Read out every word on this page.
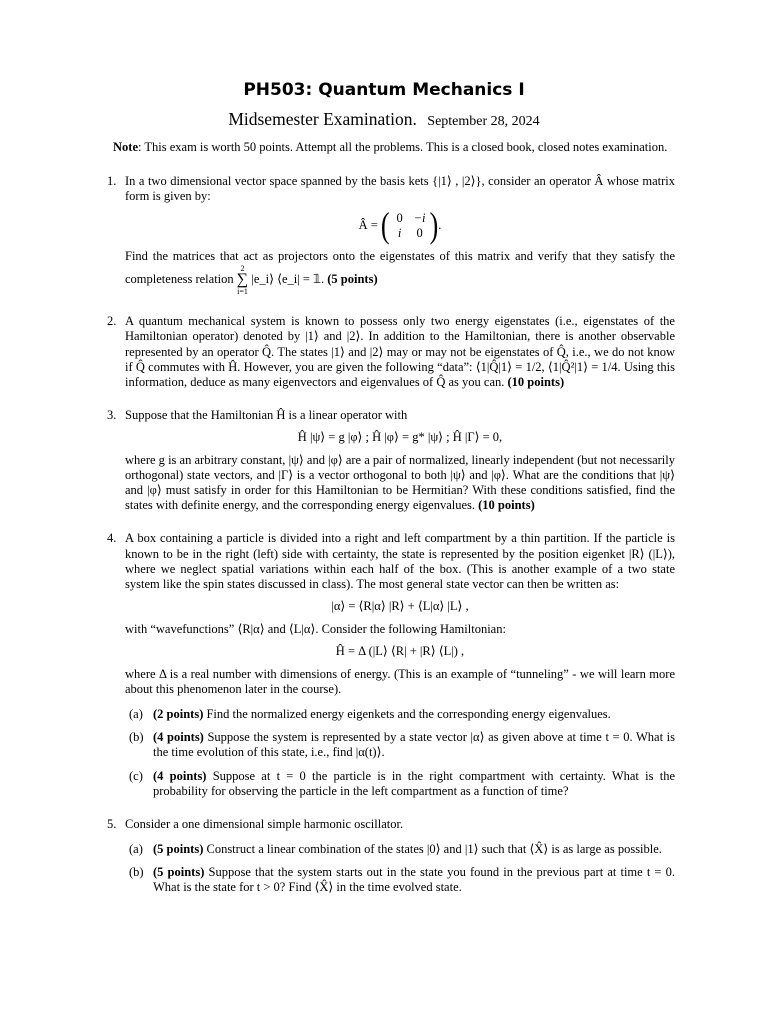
PH503: Quantum Mechanics I
Midsemester Examination. September 28, 2024

Note: This exam is worth 50 points. Attempt all the problems. This is a closed book, closed notes examination.

1. In a two dimensional vector space spanned by the basis kets {|1⟩ , |2⟩}, consider an operator Â whose matrix form is given by:

Â = ( 0 −i
i	0 ).

Find the matrices that act as projectors onto the eigenstates of this matrix and verify that they satisfy the completeness relation
2
∑
i=1
|e_i⟩ ⟨e_i| = 𝟙. (5 points)

2. A quantum mechanical system is known to possess only two energy eigenstates (i.e., eigenstates of the Hamiltonian operator) denoted by |1⟩ and |2⟩. In addition to the Hamiltonian, there is another observable represented by an operator Q̂. The states |1⟩ and |2⟩ may or may not be eigenstates of Q̂, i.e., we do not know if Q̂ commutes with Ĥ. However, you are given the following “data”: ⟨1|Q̂|1⟩ = 1/2, ⟨1|Q̂²|1⟩ = 1/4. Using this information, deduce as many eigenvectors and eigenvalues of Q̂ as you can. (10 points)

3. Suppose that the Hamiltonian Ĥ is a linear operator with

Ĥ |ψ⟩ = g |φ⟩ ; Ĥ |φ⟩ = g* |ψ⟩ ; Ĥ |Γ⟩ = 0,

where g is an arbitrary constant, |ψ⟩ and |φ⟩ are a pair of normalized, linearly independent (but not necessarily orthogonal) state vectors, and |Γ⟩ is a vector orthogonal to both |ψ⟩ and |φ⟩. What are the conditions that |ψ⟩ and |φ⟩ must satisfy in order for this Hamiltonian to be Hermitian? With these conditions satisfied, find the states with definite energy, and the corresponding energy eigenvalues. (10 points)

4. A box containing a particle is divided into a right and left compartment by a thin partition. If the particle is known to be in the right (left) side with certainty, the state is represented by the position eigenket |R⟩ (|L⟩), where we neglect spatial variations within each half of the box. (This is another example of a two state system like the spin states discussed in class). The most general state vector can then be written as:

|α⟩ = ⟨R|α⟩ |R⟩ + ⟨L|α⟩ |L⟩ ,

with “wavefunctions” ⟨R|α⟩ and ⟨L|α⟩. Consider the following Hamiltonian:

Ĥ = Δ (|L⟩ ⟨R| + |R⟩ ⟨L|) ,

where Δ is a real number with dimensions of energy. (This is an example of “tunneling” - we will learn more about this phenomenon later in the course).

(a) (2 points) Find the normalized energy eigenkets and the corresponding energy eigenvalues.
(b) (4 points) Suppose the system is represented by a state vector |α⟩ as given above at time t = 0. What is the time evolution of this state, i.e., find |α(t)⟩.
(c) (4 points) Suppose at t = 0 the particle is in the right compartment with certainty. What is the probability for observing the particle in the left compartment as a function of time?
5. Consider a one dimensional simple harmonic oscillator.

(a) (5 points) Construct a linear combination of the states |0⟩ and |1⟩ such that ⟨X̂⟩ is as large as possible.
(b) (5 points) Suppose that the system starts out in the state you found in the previous part at time t = 0. What is the state for t > 0? Find ⟨X̂⟩ in the time evolved state.
